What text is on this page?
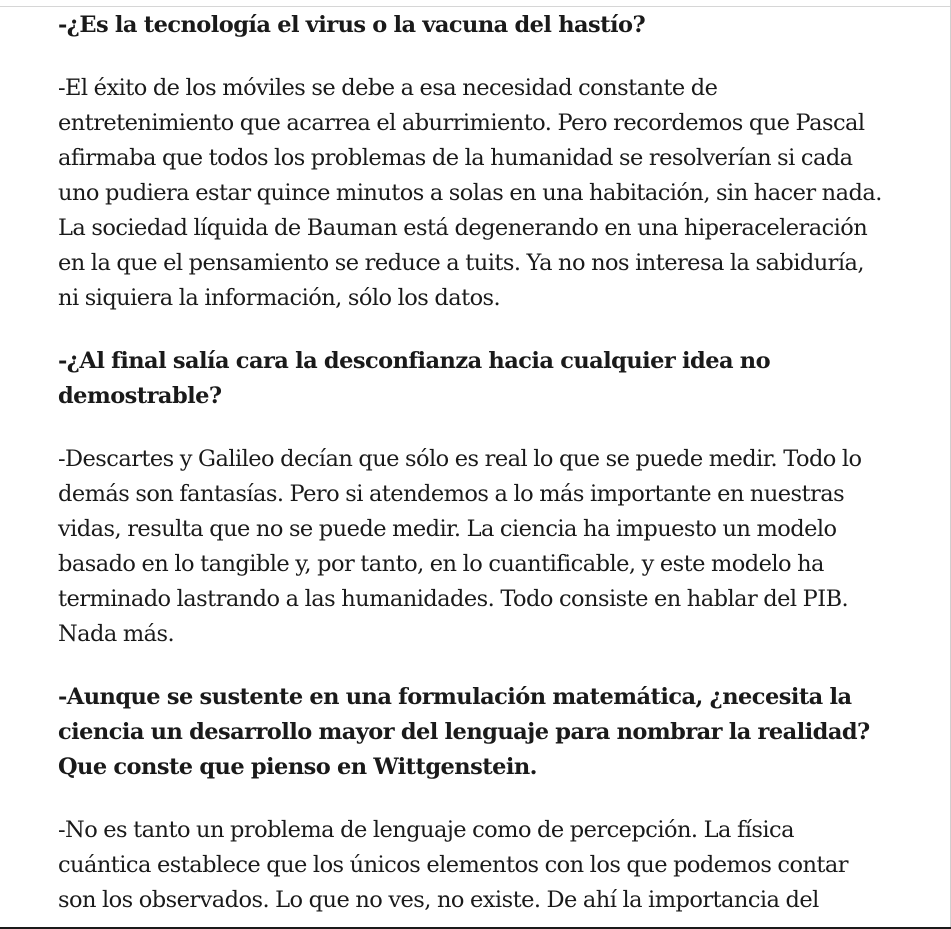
-¿Es la tecnología el virus o la vacuna del hastío?

-El éxito de los móviles se debe a esa necesidad constante de entretenimiento que acarrea el aburrimiento. Pero recordemos que Pascal afirmaba que todos los problemas de la humanidad se resolverían si cada uno pudiera estar quince minutos a solas en una habitación, sin hacer nada. La sociedad líquida de Bauman está degenerando en una hiperaceleración en la que el pensamiento se reduce a tuits. Ya no nos interesa la sabiduría, ni siquiera la información, sólo los datos.

-¿Al final salía cara la desconfianza hacia cualquier idea no demostrable?

-Descartes y Galileo decían que sólo es real lo que se puede medir. Todo lo demás son fantasías. Pero si atendemos a lo más importante en nuestras vidas, resulta que no se puede medir. La ciencia ha impuesto un modelo basado en lo tangible y, por tanto, en lo cuantificable, y este modelo ha terminado lastrando a las humanidades. Todo consiste en hablar del PIB. Nada más.

-Aunque se sustente en una formulación matemática, ¿necesita la ciencia un desarrollo mayor del lenguaje para nombrar la realidad? Que conste que pienso en Wittgenstein.

-No es tanto un problema de lenguaje como de percepción. La física cuántica establece que los únicos elementos con los que podemos contar son los observados. Lo que no ves, no existe. De ahí la importancia del
